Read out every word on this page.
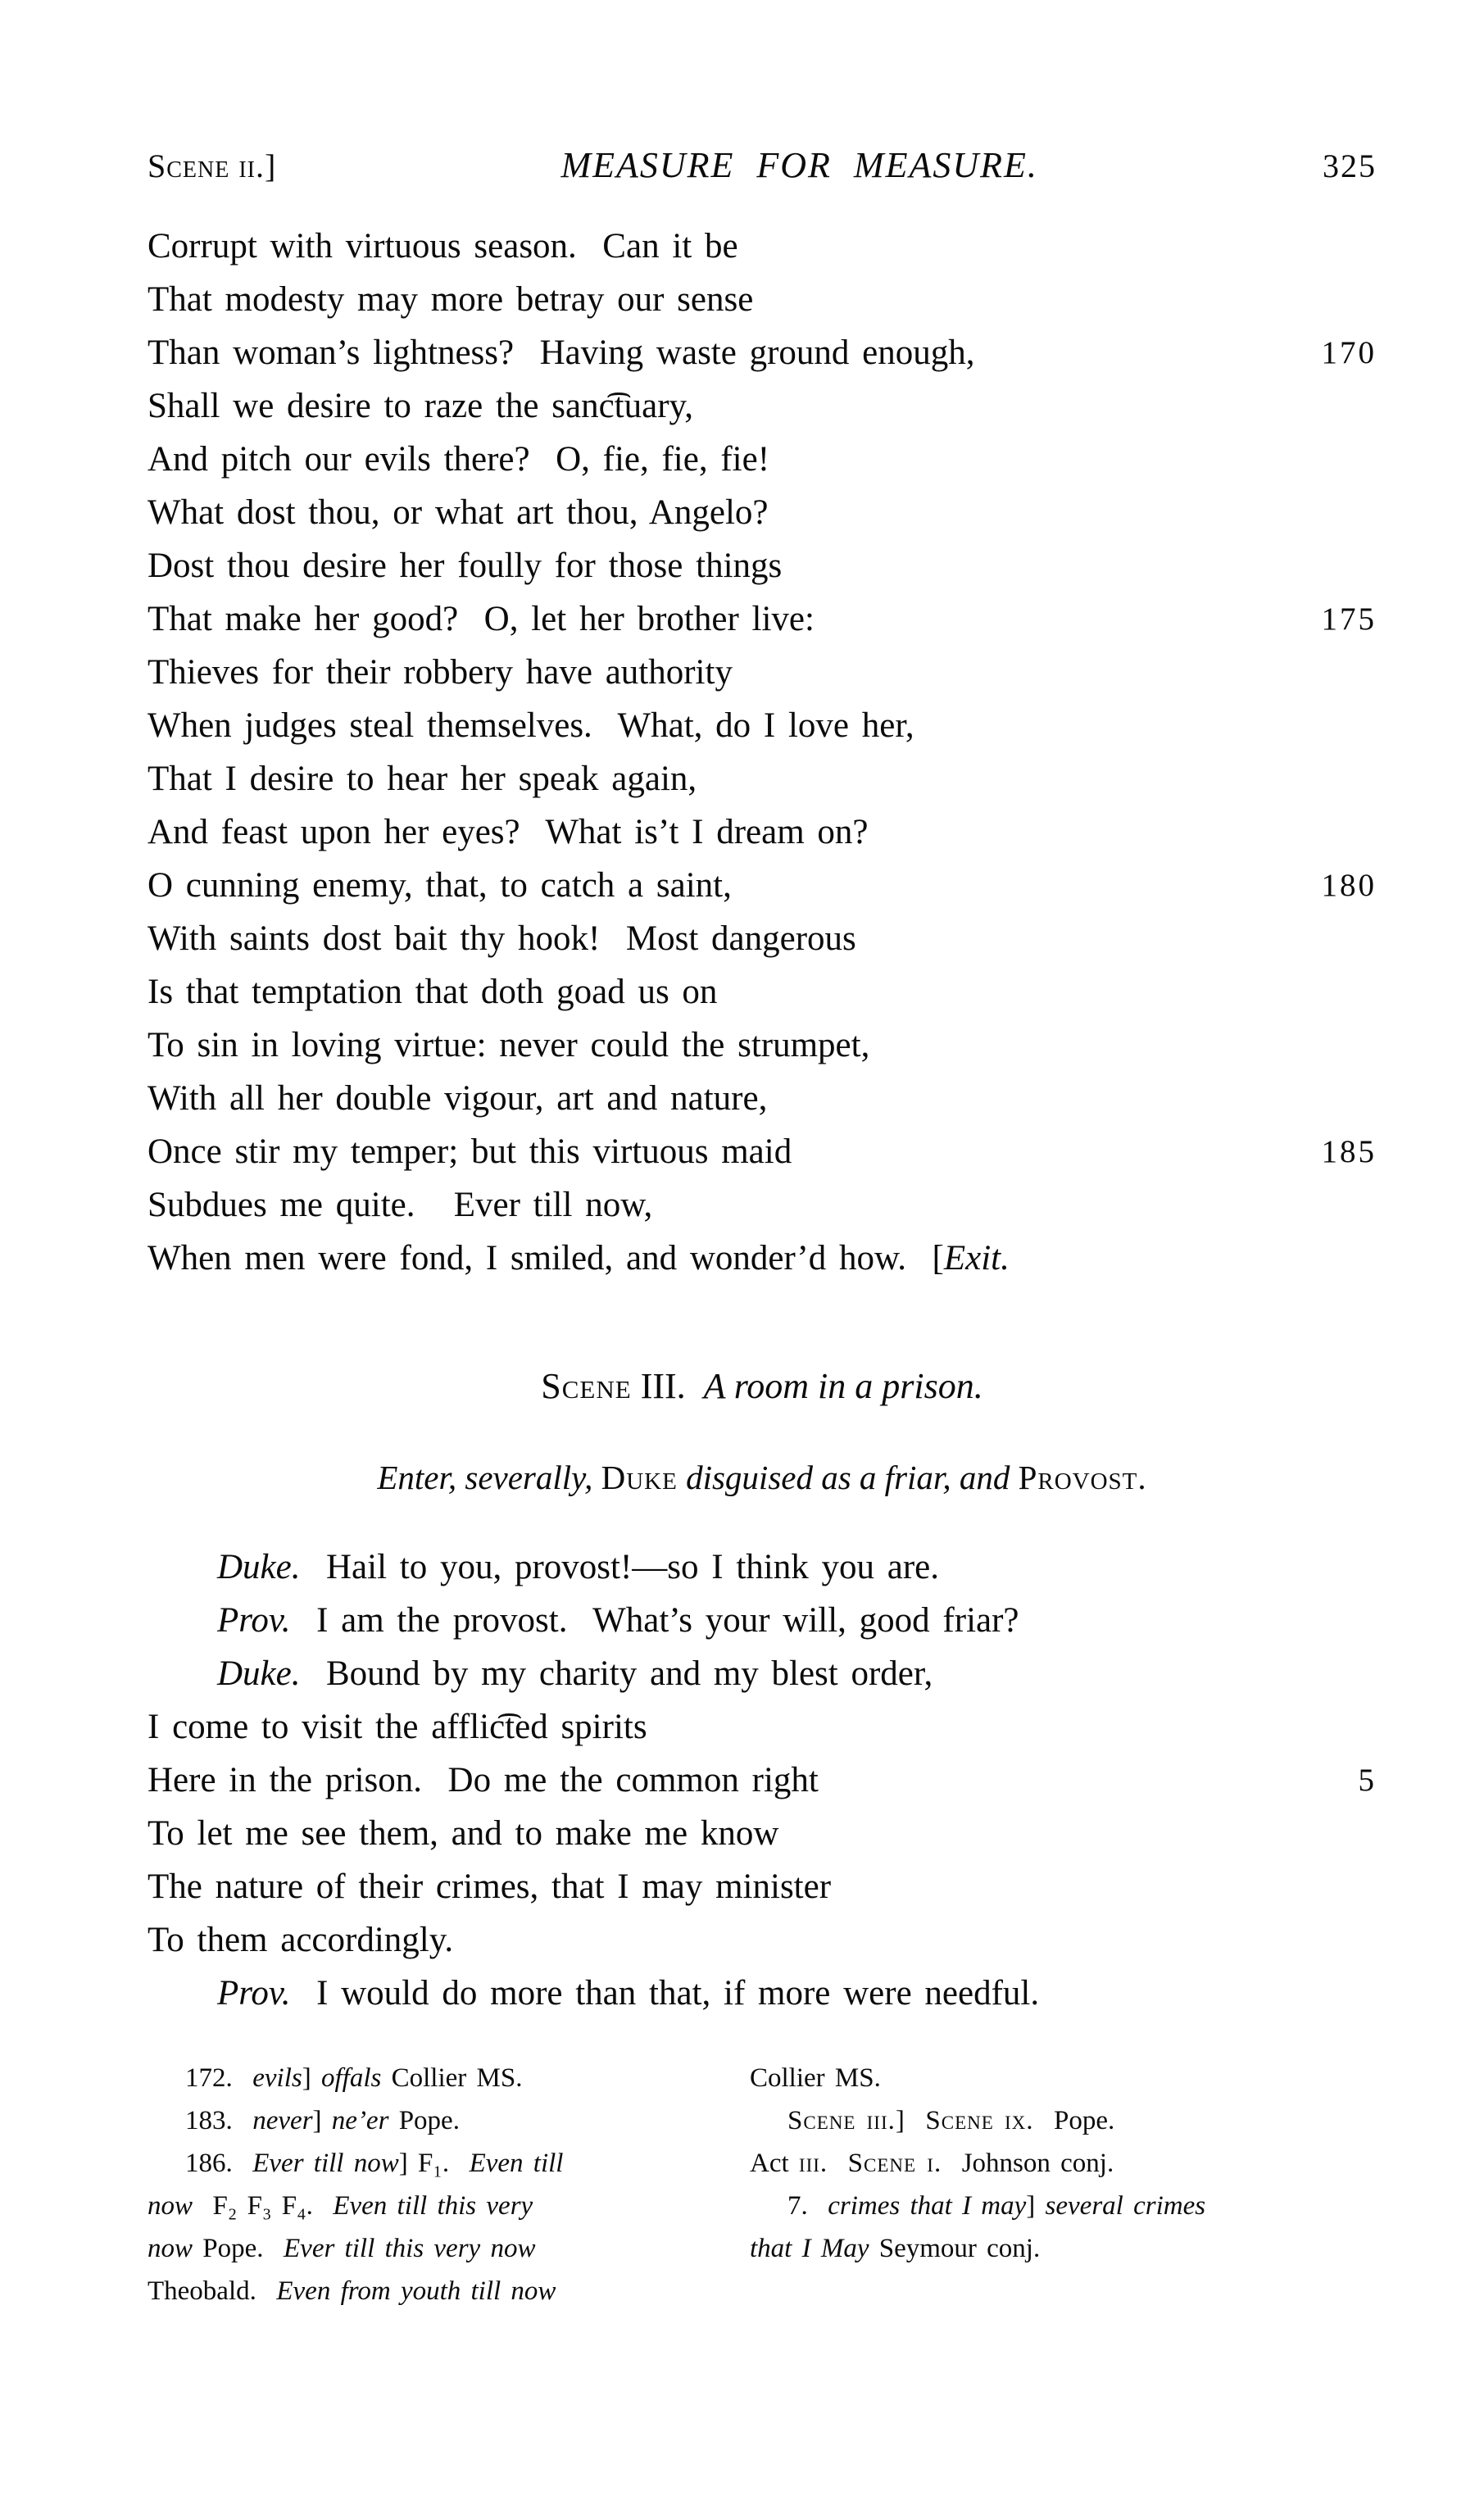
Scene ii.]	MEASURE FOR MEASURE.	325
Corrupt with virtuous season.  Can it be
That modesty may more betray our sense
Than woman’s lightness?  Having waste ground enough,	170
Shall we desire to raze the sanc͡tuary,
And pitch our evils there?  O, fie, fie, fie!
What dost thou, or what art thou, Angelo?
Dost thou desire her foully for those things
That make her good?  O, let her brother live:	175
Thieves for their robbery have authority
When judges steal themselves.  What, do I love her,
That I desire to hear her speak again,
And feast upon her eyes?  What is’t I dream on?
O cunning enemy, that, to catch a saint,	180
With saints dost bait thy hook!  Most dangerous
Is that temptation that doth goad us on
To sin in loving virtue: never could the strumpet,
With all her double vigour, art and nature,
Once stir my temper; but this virtuous maid	185
Subdues me quite.   Ever till now,
When men were fond, I smiled, and wonder’d how.  [Exit.
Scene III.  A room in a prison.
Enter, severally, Duke disguised as a friar, and Provost.
Duke.  Hail to you, provost!—so I think you are.
Prov.  I am the provost.  What’s your will, good friar?
Duke.  Bound by my charity and my blest order,
I come to visit the afflic͡ted spirits
Here in the prison.  Do me the common right	5
To let me see them, and to make me know
The nature of their crimes, that I may minister
To them accordingly.
Prov.  I would do more than that, if more were needful.
172.  evils] offals Collier MS.
183.  never] ne’er Pope.
186.  Ever till now] F₁.  Even till
now  F₂ F₃ F₄.  Even till this very
now Pope.  Ever till this very now
Theobald.  Even from youth till now
Collier MS.
Scene iii.] Scene ix.  Pope.
Act iii. Scene i.  Johnson conj.
7.  crimes that I may] several crimes
that I May Seymour conj.
